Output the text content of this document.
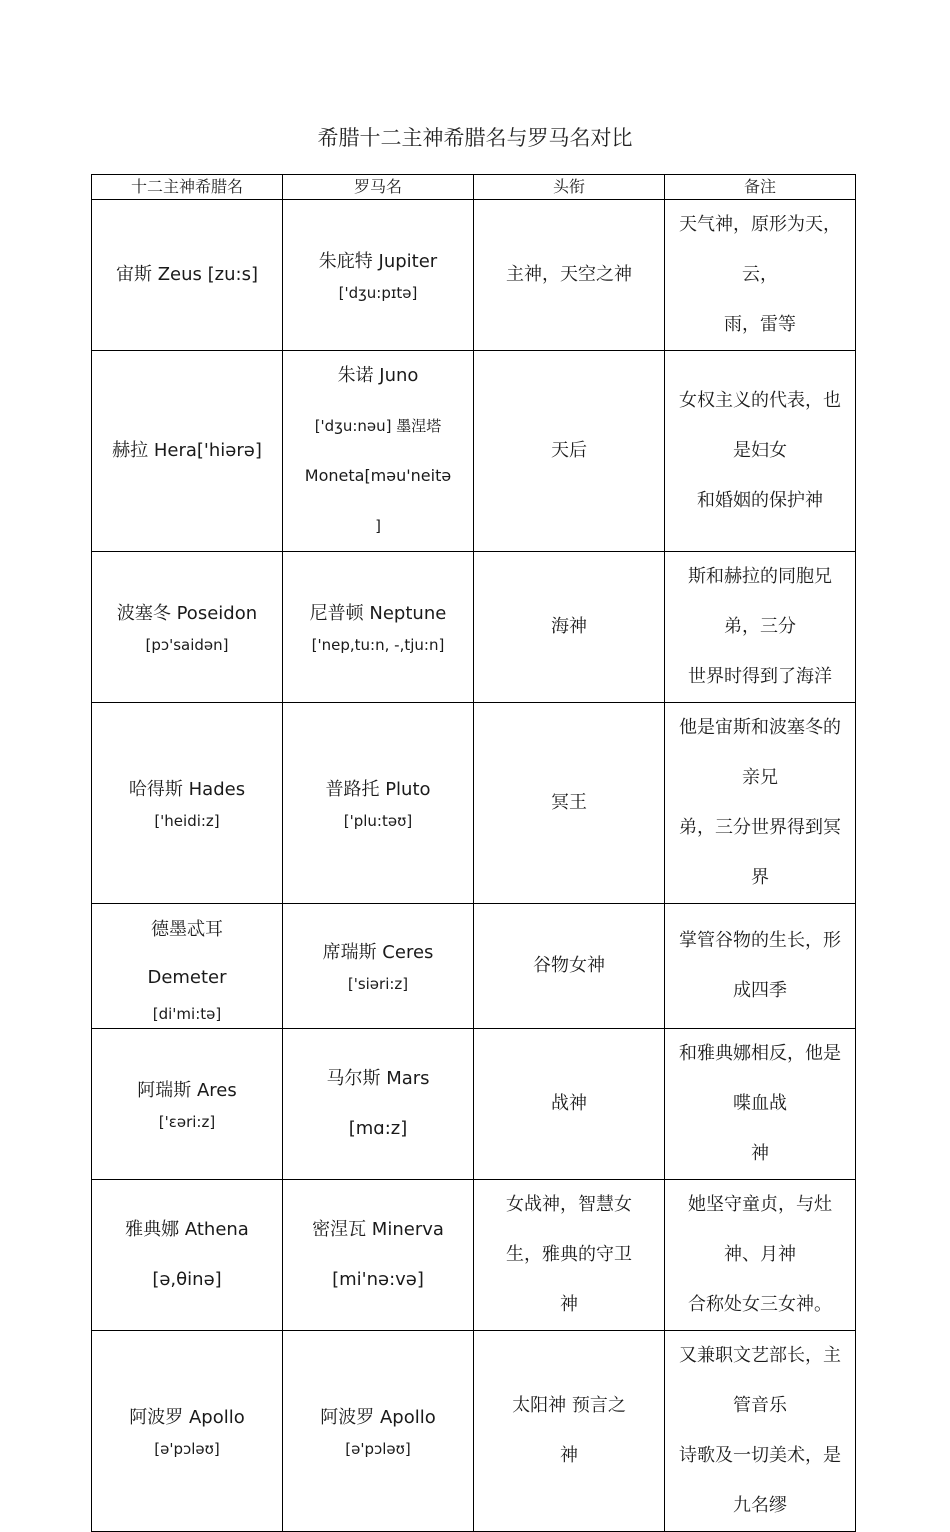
希腊十二主神希腊名与罗马名对比
十二主神希腊名	罗马名	头衔	备注

宙斯 Zeus [zu:s]	朱庇特 Jupiter
['dʒu:pɪtə]	主神，天空之神	天气神，原形为天，云，
雨，雷等

赫拉 Hera['hiərə]	朱诺 Juno
['dʒu:nəu] 墨涅塔
Moneta[məu'neitə
]	天后	女权主义的代表，也是妇女
和婚姻的保护神

波塞冬 Poseidon
[pɔ'saidən]	尼普顿 Neptune
['nep,tu:n, -,tju:n]	海神	斯和赫拉的同胞兄弟，三分
世界时得到了海洋

哈得斯 Hades
['heidi:z]	普路托 Pluto
['plu:təʊ]	冥王	他是宙斯和波塞冬的亲兄
弟，三分世界得到冥界

德墨忒耳
Demeter
[di'mi:tə]	席瑞斯 Ceres
['siəri:z]	谷物女神	掌管谷物的生长，形成四季

阿瑞斯 Ares
['ɛəri:z]	马尔斯 Mars
[mɑ:z]	战神	和雅典娜相反，他是喋血战
神

雅典娜 Athena
[ə,θinə]	密涅瓦 Minerva
[mi'nə:və]	女战神，智慧女
生，雅典的守卫
神	她坚守童贞，与灶神、月神
合称处女三女神。

阿波罗 Apollo
[ə'pɔləʊ]	阿波罗 Apollo
[ə'pɔləʊ]	太阳神 预言之
神	又兼职文艺部长，主管音乐
诗歌及一切美术，是九名缪
